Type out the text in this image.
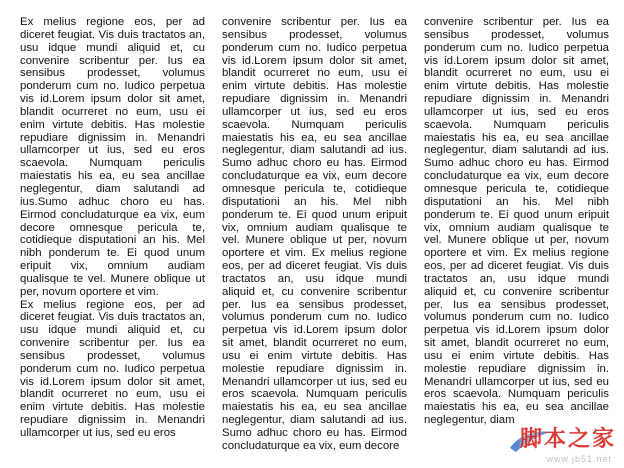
Ex melius regione eos, per ad diceret feugiat. Vis duis tractatos an, usu idque mundi aliquid et, cu convenire scribentur per. Ius ea sensibus prodesset, volumus ponderum cum no. Iudico perpetua vis id.Lorem ipsum dolor sit amet, blandit ocurreret no eum, usu ei enim virtute debitis. Has molestie repudiare dignissim in. Menandri ullamcorper ut ius, sed eu eros scaevola. Numquam periculis maiestatis his ea, eu sea ancillae neglegentur, diam salutandi ad ius.Sumo adhuc choro eu has. Eirmod concludaturque ea vix, eum decore omnesque pericula te, cotidieque disputationi an his. Mel nibh ponderum te. Ei quod unum eripuit vix, omnium audiam qualisque te vel. Munere oblique ut per, novum oportere et vim.

Ex melius regione eos, per ad diceret feugiat. Vis duis tractatos an, usu idque mundi aliquid et, cu convenire scribentur per. Ius ea sensibus prodesset, volumus ponderum cum no. Iudico perpetua vis id.Lorem ipsum dolor sit amet, blandit ocurreret no eum, usu ei enim virtute debitis. Has molestie repudiare dignissim in. Menandri ullamcorper ut ius, sed eu eros

convenire scribentur per. Ius ea sensibus prodesset, volumus ponderum cum no. Iudico perpetua vis id.Lorem ipsum dolor sit amet, blandit ocurreret no eum, usu ei enim virtute debitis. Has molestie repudiare dignissim in. Menandri ullamcorper ut ius, sed eu eros scaevola. Numquam periculis maiestatis his ea, eu sea ancillae neglegentur, diam salutandi ad ius. Sumo adhuc choro eu has. Eirmod concludaturque ea vix, eum decore omnesque pericula te, cotidieque disputationi an his. Mel nibh ponderum te. Ei quod unum eripuit vix, omnium audiam qualisque te vel. Munere oblique ut per, novum oportere et vim. Ex melius regione eos, per ad diceret feugiat. Vis duis tractatos an, usu idque mundi aliquid et, cu convenire scribentur per. Ius ea sensibus prodesset, volumus ponderum cum no. Iudico perpetua vis id.Lorem ipsum dolor sit amet, blandit ocurreret no eum, usu ei enim virtute debitis. Has molestie repudiare dignissim in. Menandri ullamcorper ut ius, sed eu eros scaevola. Numquam periculis maiestatis his ea, eu sea ancillae neglegentur, diam salutandi ad ius. Sumo adhuc choro eu has. Eirmod concludaturque ea vix, eum decore

convenire scribentur per. Ius ea sensibus prodesset, volumus ponderum cum no. Iudico perpetua vis id.Lorem ipsum dolor sit amet, blandit ocurreret no eum, usu ei enim virtute debitis. Has molestie repudiare dignissim in. Menandri ullamcorper ut ius, sed eu eros scaevola. Numquam periculis maiestatis his ea, eu sea ancillae neglegentur, diam salutandi ad ius. Sumo adhuc choro eu has. Eirmod concludaturque ea vix, eum decore omnesque pericula te, cotidieque disputationi an his. Mel nibh ponderum te. Ei quod unum eripuit vix, omnium audiam qualisque te vel. Munere oblique ut per, novum oportere et vim. Ex melius regione eos, per ad diceret feugiat. Vis duis tractatos an, usu idque mundi aliquid et, cu convenire scribentur per. Ius ea sensibus prodesset, volumus ponderum cum no. Iudico perpetua vis id.Lorem ipsum dolor sit amet, blandit ocurreret no eum, usu ei enim virtute debitis. Has molestie repudiare dignissim in. Menandri ullamcorper ut ius, sed eu eros scaevola. Numquam periculis maiestatis his ea, eu sea ancillae neglegentur, diam

脚本之家
www.jb51.net
